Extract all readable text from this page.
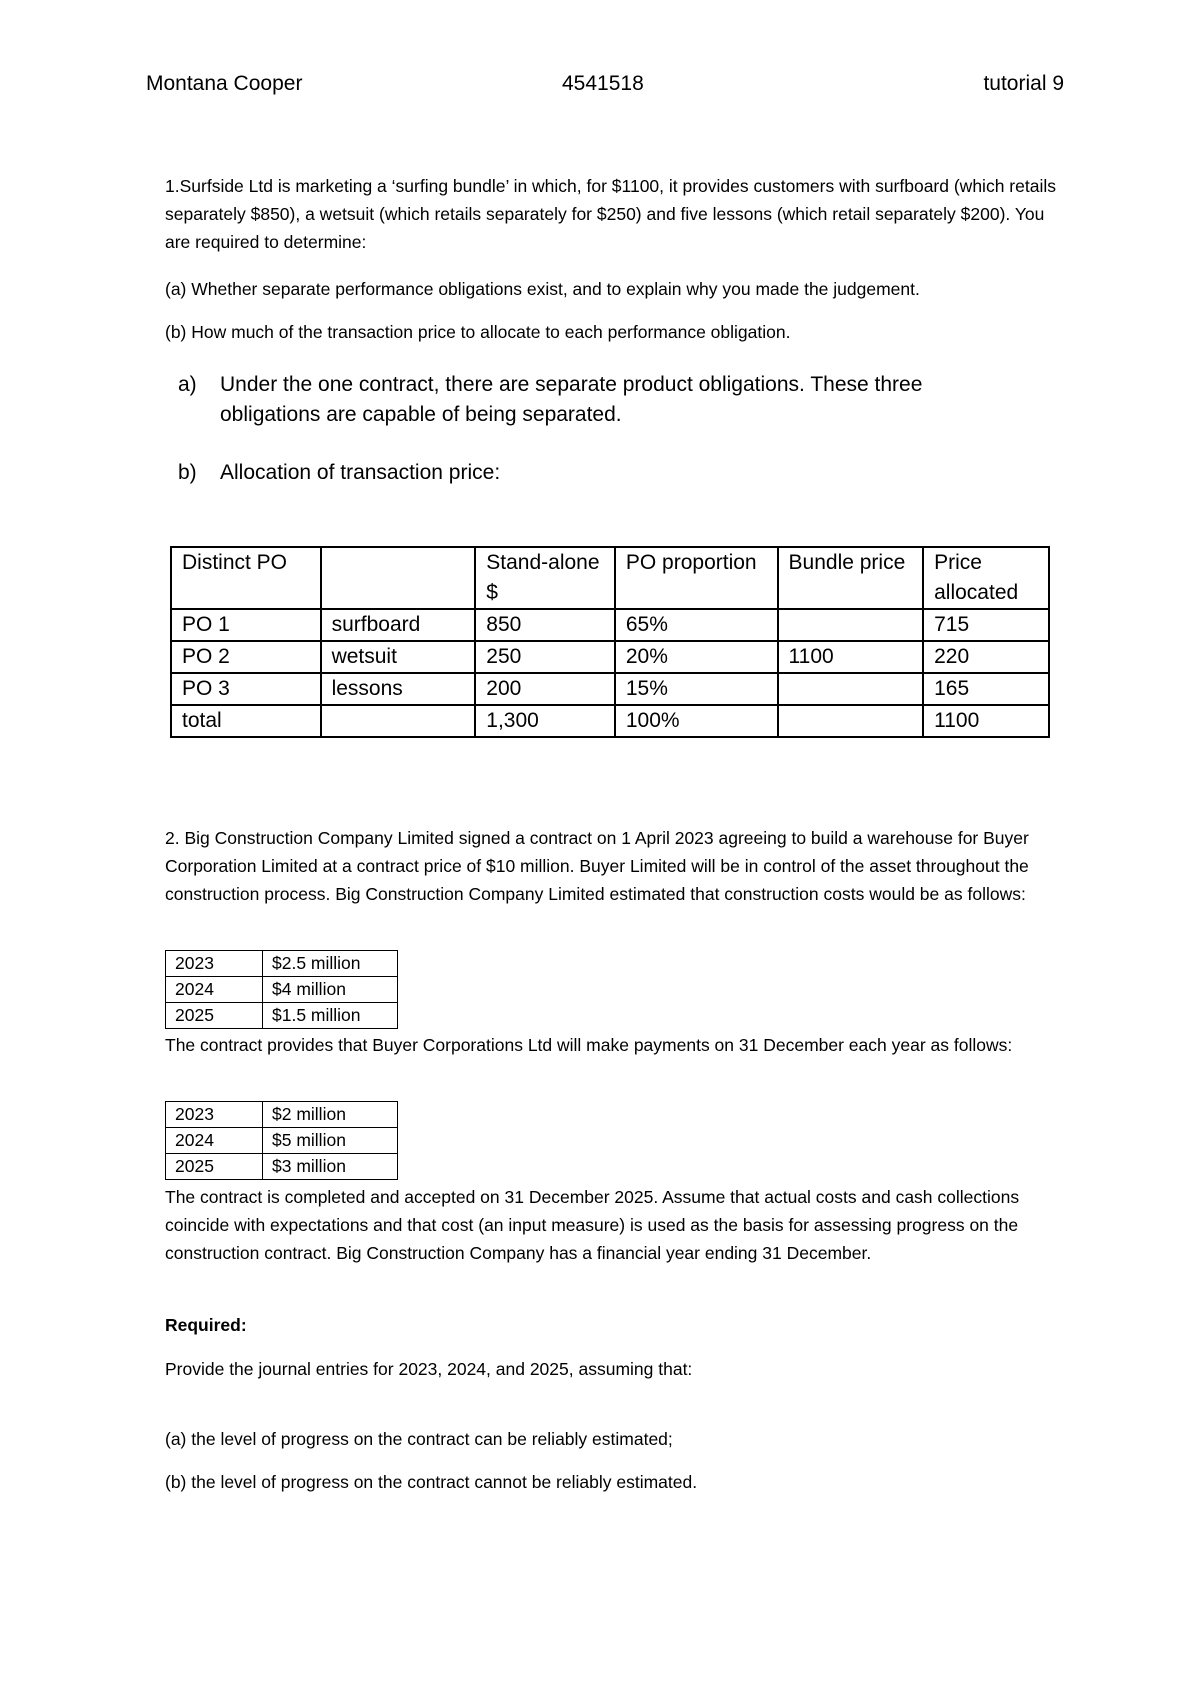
Montana Cooper	4541518	tutorial 9

1.Surfside Ltd is marketing a ‘surfing bundle’ in which, for $1100, it provides customers with surfboard (which retails separately $850), a wetsuit (which retails separately for $250) and five lessons (which retail separately $200). You are required to determine:

(a) Whether separate performance obligations exist, and to explain why you made the judgement.

(b) How much of the transaction price to allocate to each performance obligation.

a) Under the one contract, there are separate product obligations. These three obligations are capable of being separated.
b) Allocation of transaction price:
Distinct PO		Stand-alone $	PO proportion	Bundle price	Price allocated
PO 1	surfboard	850	65%		715
PO 2	wetsuit	250	20%	1100	220
PO 3	lessons	200	15%		165
total		1,300	100%		1100

2. Big Construction Company Limited signed a contract on 1 April 2023 agreeing to build a warehouse for Buyer Corporation Limited at a contract price of $10 million. Buyer Limited will be in control of the asset throughout the construction process. Big Construction Company Limited estimated that construction costs would be as follows:

2023	$2.5 million
2024	$4 million
2025	$1.5 million

The contract provides that Buyer Corporations Ltd will make payments on 31 December each year as follows:

2023	$2 million
2024	$5 million
2025	$3 million

The contract is completed and accepted on 31 December 2025. Assume that actual costs and cash collections coincide with expectations and that cost (an input measure) is used as the basis for assessing progress on the construction contract. Big Construction Company has a financial year ending 31 December.

Required:

Provide the journal entries for 2023, 2024, and 2025, assuming that:

(a) the level of progress on the contract can be reliably estimated;

(b) the level of progress on the contract cannot be reliably estimated.
